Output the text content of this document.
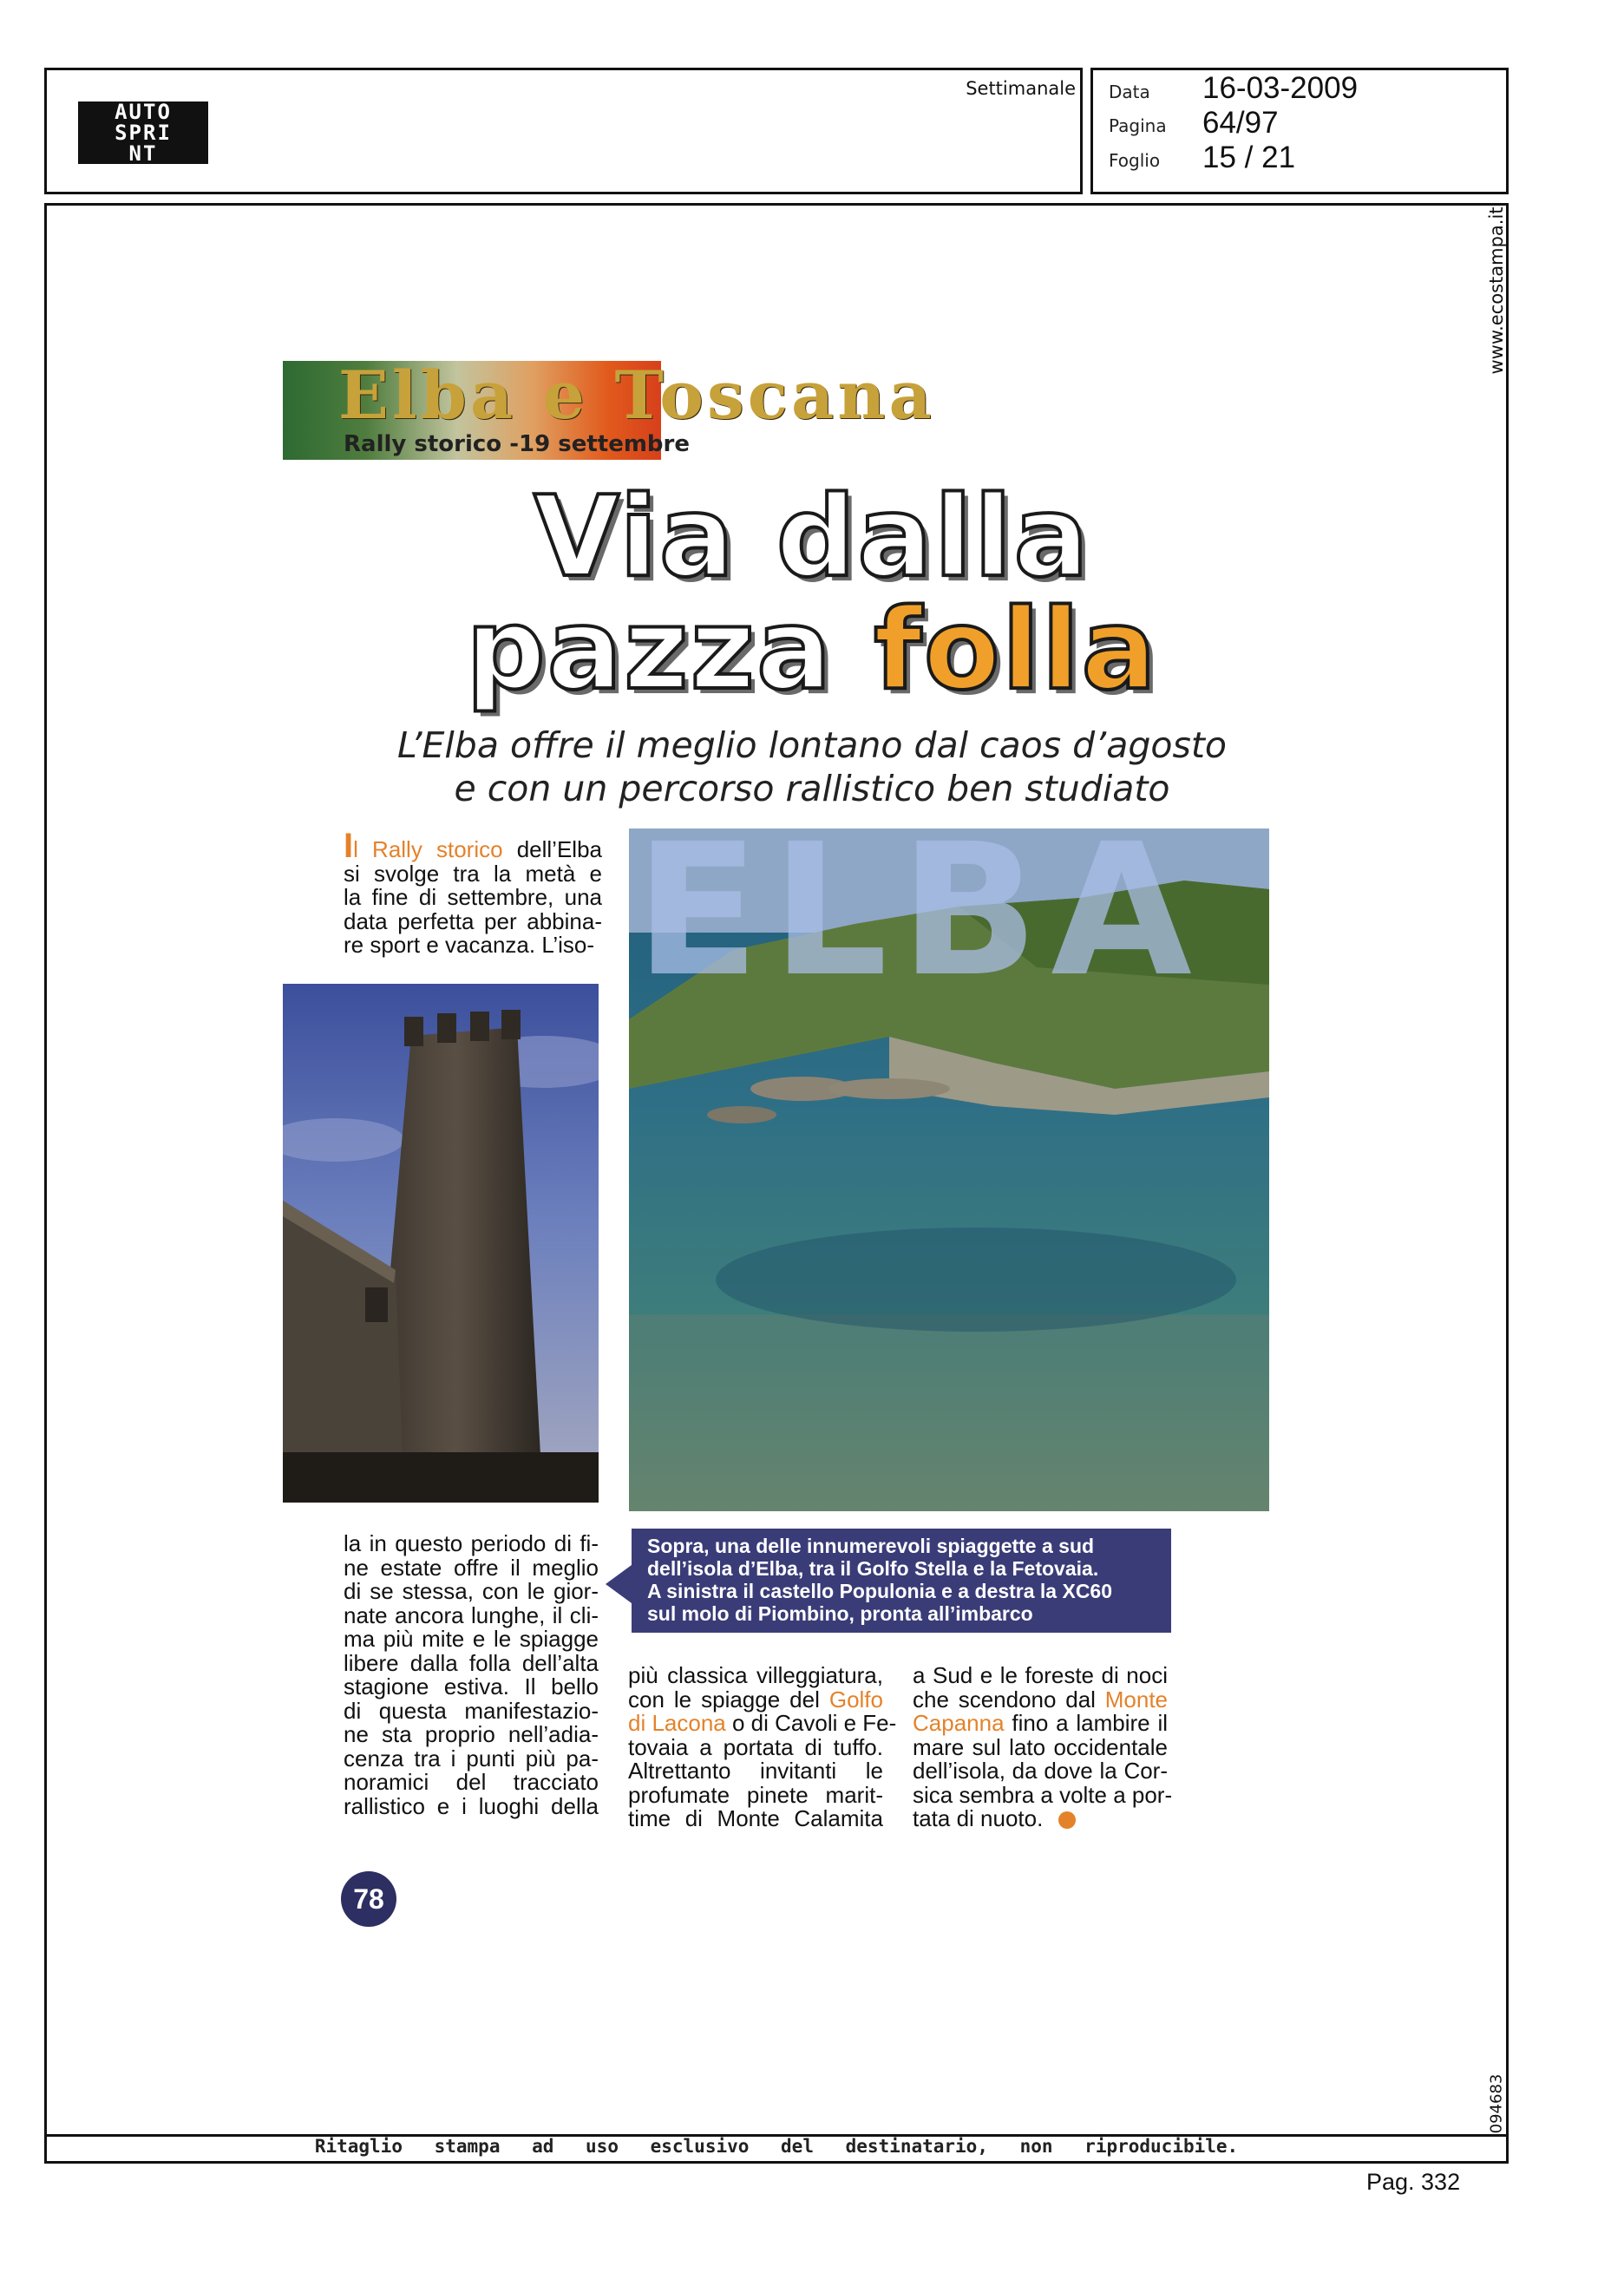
AUTO
SPRI
NT
Settimanale Data 16-03-2009
Pagina 64/97
Foglio 15 / 21
www.ecostampa.it
094683
Ritaglio stampa ad uso esclusivo del destinatario, non riproducibile.
Pag. 332
Elba e Toscana
Rally storico -19 settembre
Via dalla
pazza folla
L’Elba offre il meglio lontano dal caos d’agosto
e con un percorso rallistico ben studiato
ELBA
Il Rally storico dell’Elba
si svolge tra la metà e
la fine di settembre, una
data perfetta per abbina-
re sport e vacanza. L’iso-
la in questo periodo di fi-
ne estate offre il meglio
di se stessa, con le gior-
nate ancora lunghe, il cli-
ma più mite e le spiagge
libere dalla folla dell’alta
stagione estiva. Il bello
di questa manifestazio-
ne sta proprio nell’adia-
cenza tra i punti più pa-
noramici del tracciato
rallistico e i luoghi della
più classica villeggiatura,
con le spiagge del Golfo
di Lacona o di Cavoli e Fe-
tovaia a portata di tuffo.
Altrettanto invitanti le
profumate pinete marit-
time di Monte Calamita
a Sud e le foreste di noci
che scendono dal Monte
Capanna fino a lambire il
mare sul lato occidentale
dell’isola, da dove la Cor-
sica sembra a volte a por-
tata di nuoto.
Sopra, una delle innumerevoli spiaggette a sud
dell’isola d’Elba, tra il Golfo Stella e la Fetovaia.
A sinistra il castello Populonia e a destra la XC60
sul molo di Piombino, pronta all’imbarco
78
